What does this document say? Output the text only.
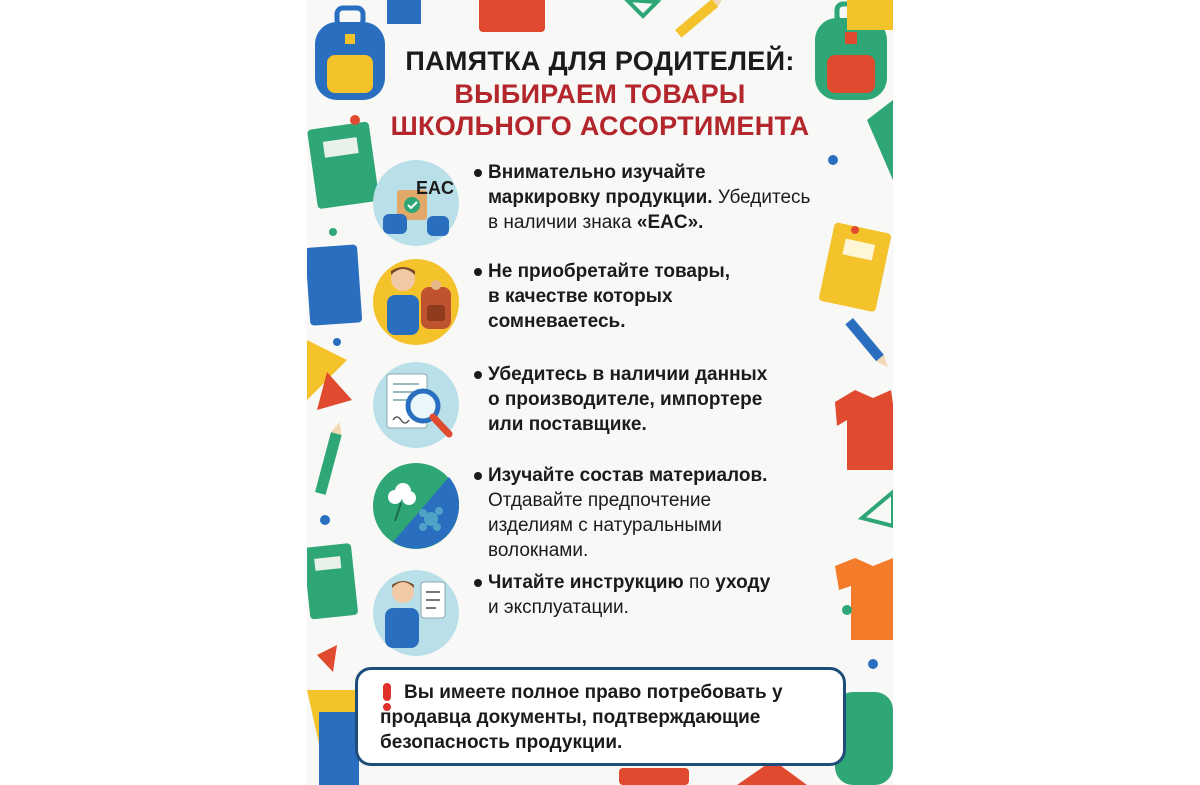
ПАМЯТКА ДЛЯ РОДИТЕЛЕЙ:
ВЫБИРАЕМ ТОВАРЫ
ШКОЛЬНОГО АССОРТИМЕНТА
EAC
Внимательно изучайте
маркировку продукции. Убедитесь
в наличии знака «EAC».
Не приобретайте товары,
в качестве которых
сомневаетесь.
Убедитесь в наличии данных
о производителе, импортере
или поставщике.
Изучайте состав материалов.
Отдавайте предпочтение
изделиям с натуральными
волокнами.
Читайте инструкцию по уходу
и эксплуатации.
Вы имеете полное право потребовать у продавца документы, подтверждающие безопасность продукции.
